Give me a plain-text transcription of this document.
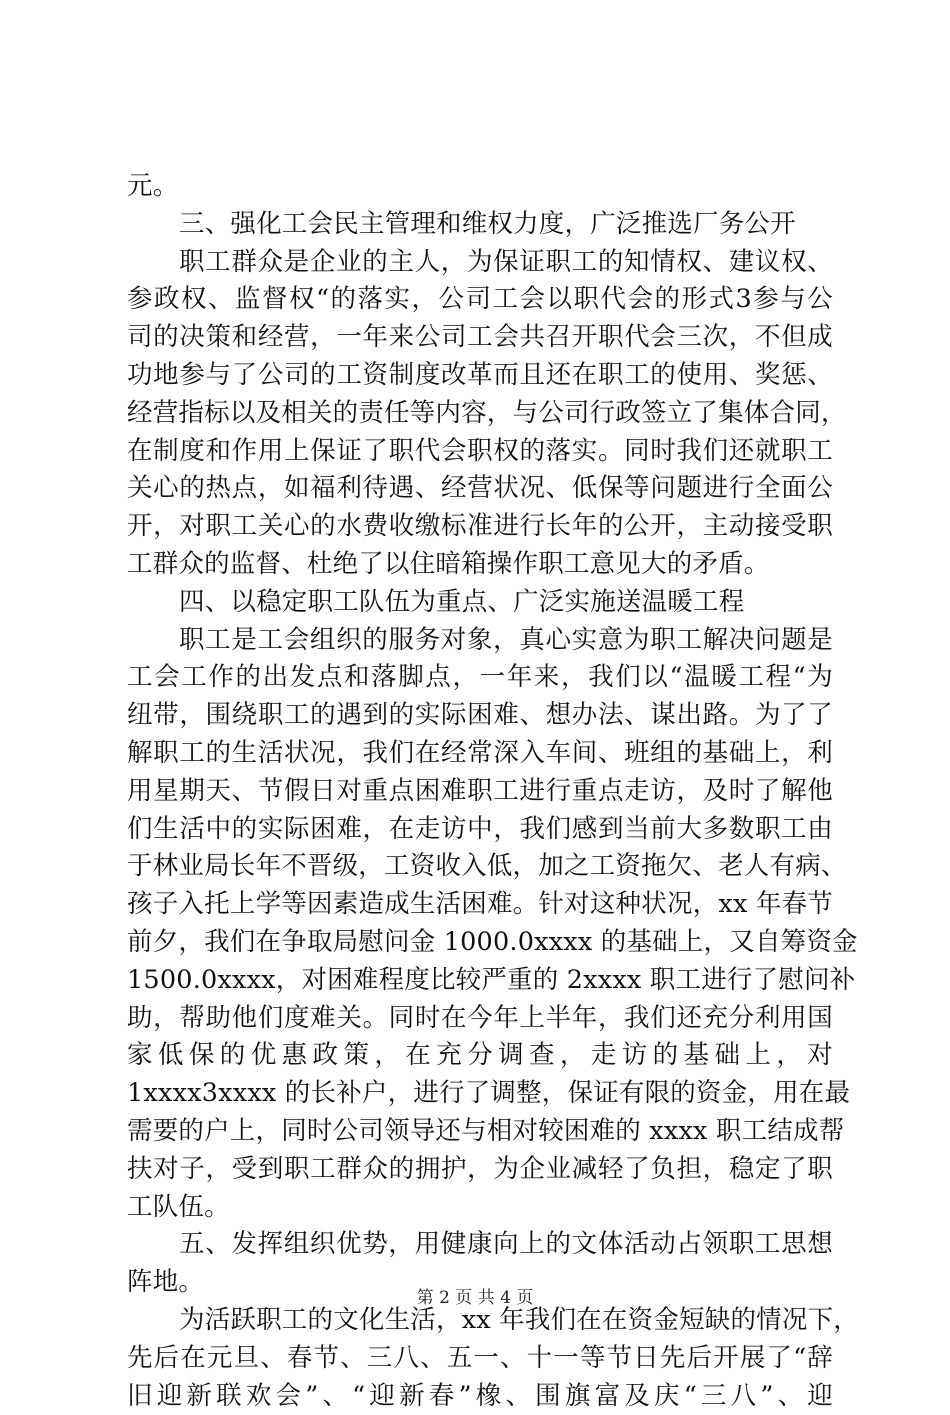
元。
三、强化工会民主管理和维权力度，广泛推选厂务公开
职工群众是企业的主人，为保证职工的知情权、建议权、
参政权、监督权“的落实，公司工会以职代会的形式3参与公
司的决策和经营，一年来公司工会共召开职代会三次，不但成
功地参与了公司的工资制度改革而且还在职工的使用、奖惩、
经营指标以及相关的责任等内容，与公司行政签立了集体合同，
在制度和作用上保证了职代会职权的落实。同时我们还就职工
关心的热点，如福利待遇、经营状况、低保等问题进行全面公
开，对职工关心的水费收缴标准进行长年的公开，主动接受职
工群众的监督、杜绝了以住暗箱操作职工意见大的矛盾。
四、以稳定职工队伍为重点、广泛实施送温暖工程
职工是工会组织的服务对象，真心实意为职工解决问题是
工会工作的出发点和落脚点，一年来，我们以“温暖工程“为
纽带，围绕职工的遇到的实际困难、想办法、谋出路。为了了
解职工的生活状况，我们在经常深入车间、班组的基础上，利
用星期天、节假日对重点困难职工进行重点走访，及时了解他
们生活中的实际困难，在走访中，我们感到当前大多数职工由
于林业局长年不晋级，工资收入低，加之工资拖欠、老人有病、
孩子入托上学等因素造成生活困难。针对这种状况，xx 年春节
前夕，我们在争取局慰问金 1000.0xxxx 的基础上，又自筹资金
1500.0xxxx，对困难程度比较严重的 2xxxx 职工进行了慰问补
助，帮助他们度难关。同时在今年上半年，我们还充分利用国
家低保的优惠政策，在充分调查，走访的基础上，对
1xxxx3xxxx 的长补户，进行了调整，保证有限的资金，用在最
需要的户上，同时公司领导还与相对较困难的 xxxx 职工结成帮
扶对子，受到职工群众的拥护，为企业减轻了负担，稳定了职
工队伍。
五、发挥组织优势，用健康向上的文体活动占领职工思想
阵地。
为活跃职工的文化生活，xx 年我们在在资金短缺的情况下，
先后在元旦、春节、三八、五一、十一等节日先后开展了“辞
旧迎新联欢会”、“迎新春”橡、围旗富及庆“三八”、迎
第 2 页 共 4 页
